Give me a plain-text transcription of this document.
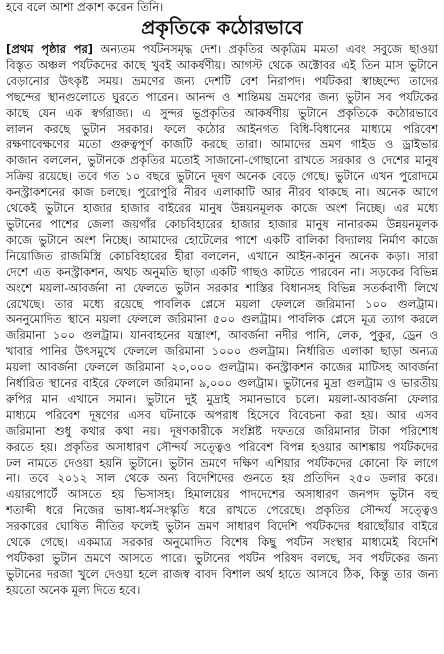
হবে বলে আশা প্রকাশ করেন তিনি।
প্রকৃতিকে কঠোরভাবে
[প্রথম পৃষ্ঠার পর] অন্যতম পর্যটনসমৃদ্ধ দেশ। প্রকৃতির অকৃত্রিম মমতা এবং সবুজে ছাওয়া
বিস্তৃত অঞ্চল পর্যটকদের কাছে খুবই আকর্ষণীয়। আগস্ট থেকে অক্টোবর এই তিন মাস ভুটানে
বেড়ানোর উৎকৃষ্ট সময়। ভ্রমণের জন্য দেশটি বেশ নিরাপদ। পর্যটকরা স্বাচ্ছন্দ্যে তাদের
পছন্দের স্থানগুলোতে ঘুরতে পারেন। আনন্দ ও শান্তিময় ভ্রমণের জন্য ভুটান সব পর্যটকের
কাছে যেন এক স্বর্গরাজ্য। এ সুন্দর ভূপ্রকৃতির আকর্ষণীয় ভুটানে প্রকৃতিকে কঠোরভাবে
লালন করছে ভুটান সরকার। ফলে কঠোর আইনগত বিধি-বিধানের মাধ্যমে পরিবেশ
রক্ষণাবেক্ষণের মতো গুরুত্বপূর্ণ কাজটি করছে তারা। আমাদের ভ্রমণ গাইড ও ড্রাইভার
কাজান বললেন, ভুটানকে প্রকৃতির মতোই সাজানো-গোছানো রাখতে সরকার ও দেশের মানুষ
সক্রিয় রয়েছে। তবে গত ১০ বছরে ভুটানে দূষণ অনেক বেড়ে গেছে। ভুটানে এখন পুরোদমে
কনস্ট্রাকশনের কাজ চলছে। পুরোপুরি নীরব এলাকাটি আর নীরব থাকছে না। অনেক আগে
থেকেই ভুটানে হাজার হাজার বাইরের মানুষ উন্নয়নমূলক কাজে অংশ নিচ্ছে। এর মধ্যে
ভুটানের পাশের জেলা জয়গাঁর কোচবিহারের হাজার হাজার মানুষ নানারকম উন্নয়নমূলক
কাজে ভুটানে অংশ নিচ্ছে। আমাদের হোটেলের পাশে একটি বালিকা বিদ্যালয় নির্মাণ কাজে
নিয়োজিত রাজমিস্ত্রি কোচবিহারের হীরা বললেন, এখানে আইন-কানুন অনেক কড়া। সারা
দেশে এত কনস্ট্রাকশন, অথচ অনুমতি ছাড়া একটি গাছও কাটতে পারবেন না। সড়কের বিভিন্ন
অংশে ময়লা-আবর্জনা না ফেলতে ভুটান সরকার শাস্তির বিধানসহ বিভিন্ন সতর্কবাণী লিখে
রেখেছে। তার মধ্যে রয়েছে পাবলিক প্লেসে ময়লা ফেললে জরিমানা ১০০ গুলট্রাম।
অননুমোদিত স্থানে ময়লা ফেললে জরিমানা ৫০০ গুলট্রাম। পাবলিক প্লেসে মূত্র ত্যাগ করলে
জরিমানা ১০০ গুলট্রাম। যানবাহনের যন্ত্রাংশ, আবর্জনা নদীর পানি, লেক, পুকুর, ড্রেন ও
খাবার পানির উৎসমুখে ফেললে জরিমানা ১০০০ গুলট্রাম। নির্ধারিত এলাকা ছাড়া অন্যত্র
ময়লা আবর্জনা ফেললে জরিমানা ২০,০০০ গুলট্রাম। কনস্ট্রাকশন কাজের মাটিসহ আবর্জনা
নির্ধারিত স্থানের বাইরে ফেললে জরিমানা ৯,০০০ গুলট্রাম। ভুটানের মুদ্রা গুলট্রাম ও ভারতীয়
রুপির মান এখানে সমান। ভুটানে দুই মুদ্রাই সমানভাবে চলে। ময়লা-আবর্জনা ফেলার
মাধ্যমে পরিবেশ দূষণের এসব ঘটনাকে অপরাধ হিসেবে বিবেচনা করা হয়। আর এসব
জরিমানা শুধু কথার কথা নয়। দূষণকারীকে সংশ্লিষ্ট দফতরে জরিমানার টাকা পরিশোধ
করতে হয়। প্রকৃতির অসাধারণ সৌন্দর্য সত্ত্বেও পরিবেশ বিপন্ন হওয়ার আশঙ্কায় পর্যটকদের
ঢল নামতে দেওয়া হয়নি ভুটানে। ভুটান ভ্রমণে দক্ষিণ এশিয়ার পর্যটকদের কোনো ফি লাগে
না। তবে ২০১২ সাল থেকে অন্য বিদেশিদের গুনতে হয় প্রতিদিন ২৫০ ডলার করে।
এয়ারপোর্টে আসতে হয় ভিসাসহ। হিমালয়ের পাদদেশের অসাধারণ জনপদ ভুটান বহু
শতাব্দী ধরে নিজের ভাষা-ধর্ম-সংস্কৃতি ধরে রাখতে পেরেছে। প্রকৃতির সৌন্দর্য সত্ত্বেও
সরকারের ঘোষিত নীতির ফলেই ভুটান ভ্রমণ সাধারণ বিদেশি পর্যটকদের ধরাছোঁয়ার বাইরে
থেকে গেছে। একমাত্র সরকার অনুমোদিত বিশেষ কিছু পর্যটন সংস্থার মাধ্যমেই বিদেশি
পর্যটকরা ভুটান ভ্রমণে আসতে পারে। ভুটানের পর্যটন পরিষদ বলছে, সব পর্যটকের জন্য
ভুটানের দরজা খুলে দেওয়া হলে রাজস্ব বাবদ বিশাল অর্থ হাতে আসবে ঠিক, কিন্তু তার জন্য
হয়তো অনেক মূল্য দিতে হবে।
